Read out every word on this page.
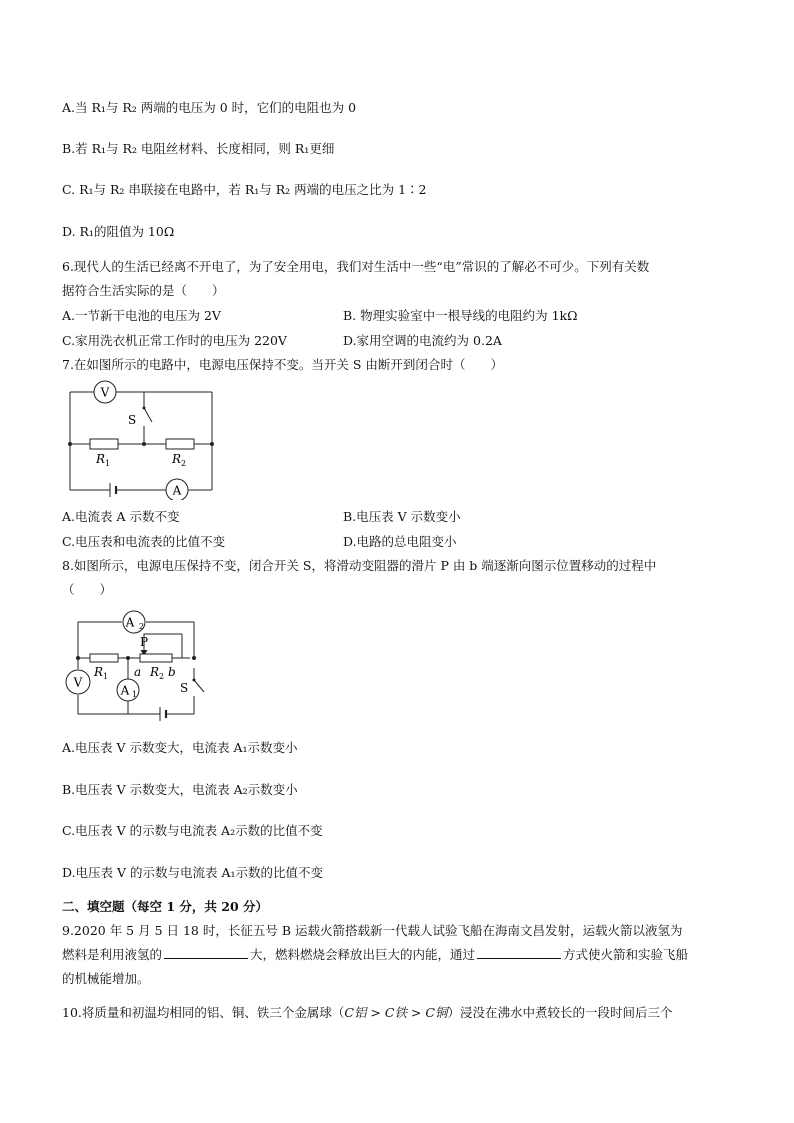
A.当 R₁与 R₂ 两端的电压为 0 时，它们的电阻也为 0
B.若 R₁与 R₂ 电阻丝材料、长度相同，则 R₁更细
C. R₁与 R₂ 串联接在电路中，若 R₁与 R₂ 两端的电压之比为 1∶2
D. R₁的阻值为 10Ω
6.现代人的生活已经离不开电了，为了安全用电，我们对生活中一些“电”常识的了解必不可少。下列有关数
据符合生活实际的是（　　）
A.一节新干电池的电压为 2V	B. 物理实验室中一根导线的电阻约为 1kΩ
C.家用洗衣机正常工作时的电压为 220V	D.家用空调的电流约为 0.2A
7.在如图所示的电路中，电源电压保持不变。当开关 S 由断开到闭合时（　　）
V
S
R 1	R 2
A
A.电流表 A 示数不变	B.电压表 V 示数变小
C.电压表和电流表的比值不变	D.电路的总电阻变小
8.如图所示，电源电压保持不变，闭合开关 S，将滑动变阻器的滑片 P 由 b 端逐渐向图示位置移动的过程中
（　　）
A 2
P
R 1 a R 2 b
S
V
A 1
A.电压表 V 示数变大，电流表 A₁示数变小
B.电压表 V 示数变大，电流表 A₂示数变小
C.电压表 V 的示数与电流表 A₂示数的比值不变
D.电压表 V 的示数与电流表 A₁示数的比值不变
二、填空题（每空 1 分，共 20 分）
9.2020 年 5 月 5 日 18 时，长征五号 B 运载火箭搭载新一代载人试验飞船在海南文昌发射，运载火箭以液氢为
燃料是利用液氢的	大，燃料燃烧会释放出巨大的内能，通过	方式使火箭和实验飞船
的机械能增加。
10.将质量和初温均相同的铝、铜、铁三个金属球（C铝 > C铁 > C铜）浸没在沸水中煮较长的一段时间后三个
